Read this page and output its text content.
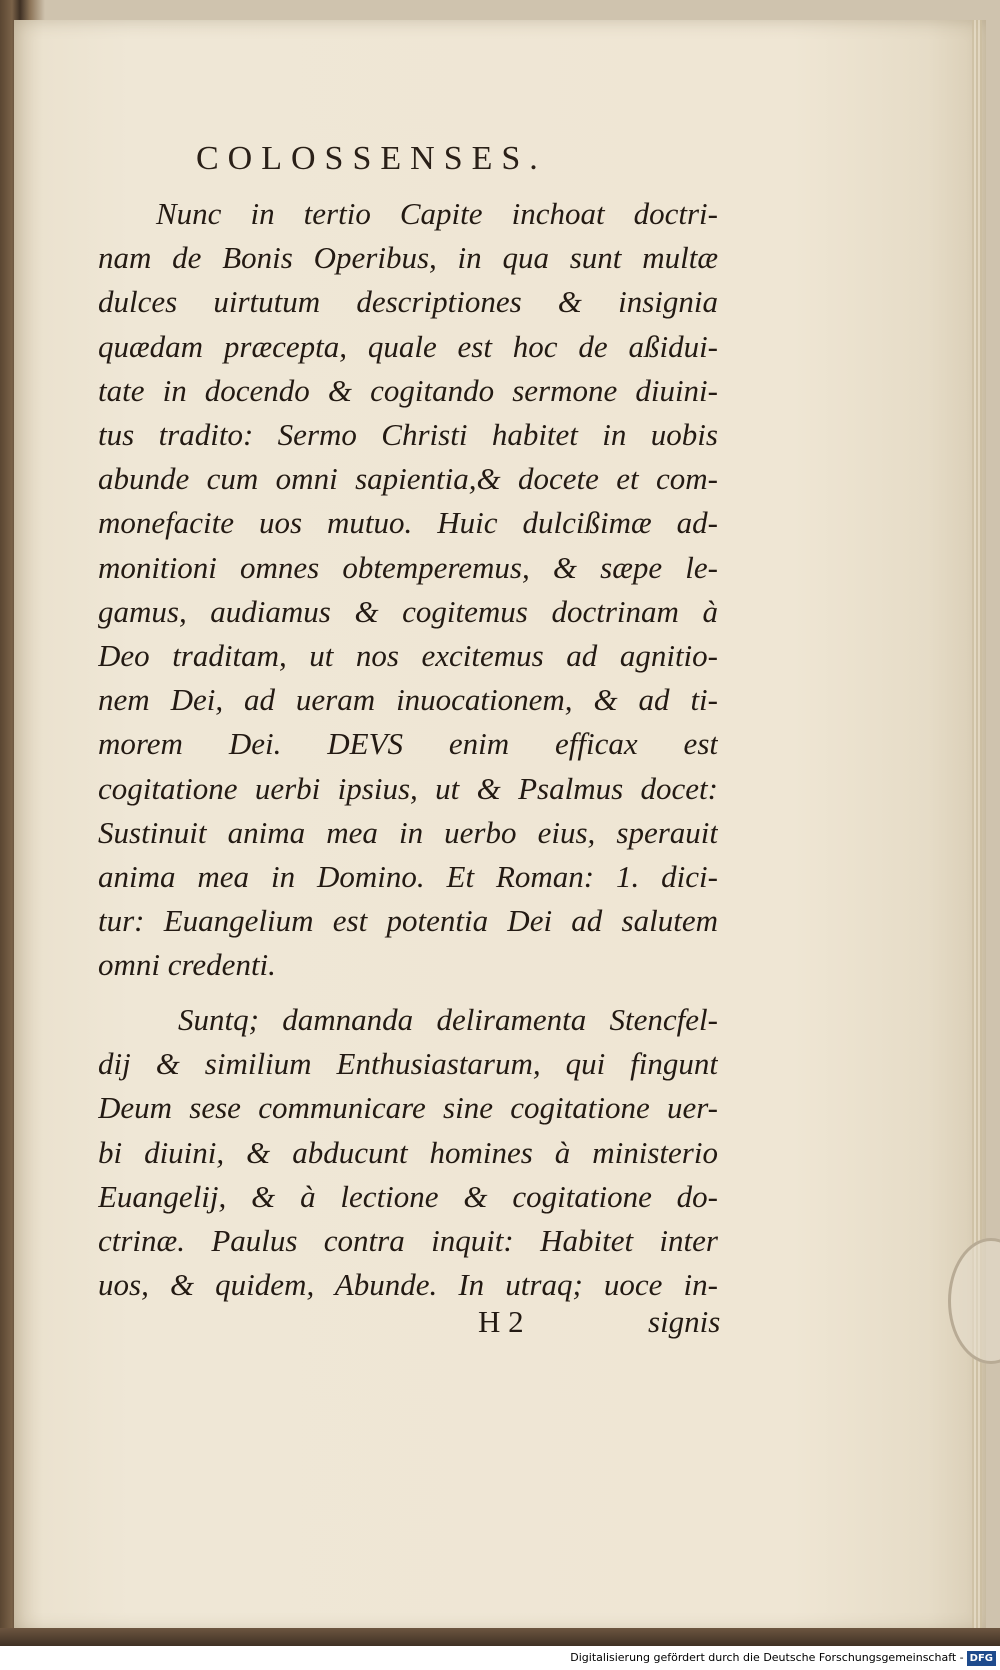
COLOSSENSES.
Nunc in tertio Capite inchoat doctri-
nam de Bonis Operibus, in qua sunt multæ
dulces uirtutum descriptiones & insignia
quædam præcepta, quale est hoc de aßidui-
tate in docendo & cogitando sermone diuini-
tus tradito: Sermo Christi habitet in uobis
abunde cum omni sapientia,& docete et com-
monefacite uos mutuo. Huic dulcißimæ ad-
monitioni omnes obtemperemus, & sæpe le-
gamus, audiamus & cogitemus doctrinam à
Deo traditam, ut nos excitemus ad agnitio-
nem Dei, ad ueram inuocationem, & ad ti-
morem Dei. DEVS enim efficax est
cogitatione uerbi ipsius, ut & Psalmus docet:
Sustinuit anima mea in uerbo eius, sperauit
anima mea in Domino. Et Roman: 1. dici-
tur: Euangelium est potentia Dei ad salutem
omni credenti.
Suntq; damnanda deliramenta Stencfel-
dij & similium Enthusiastarum, qui fingunt
Deum sese communicare sine cogitatione uer-
bi diuini, & abducunt homines à ministerio
Euangelij, & à lectione & cogitatione do-
ctrinæ. Paulus contra inquit: Habitet inter
uos, & quidem, Abunde. In utraq; uoce in-
H 2	signis
Digitalisierung gefördert durch die Deutsche Forschungsgemeinschaft - DFG
